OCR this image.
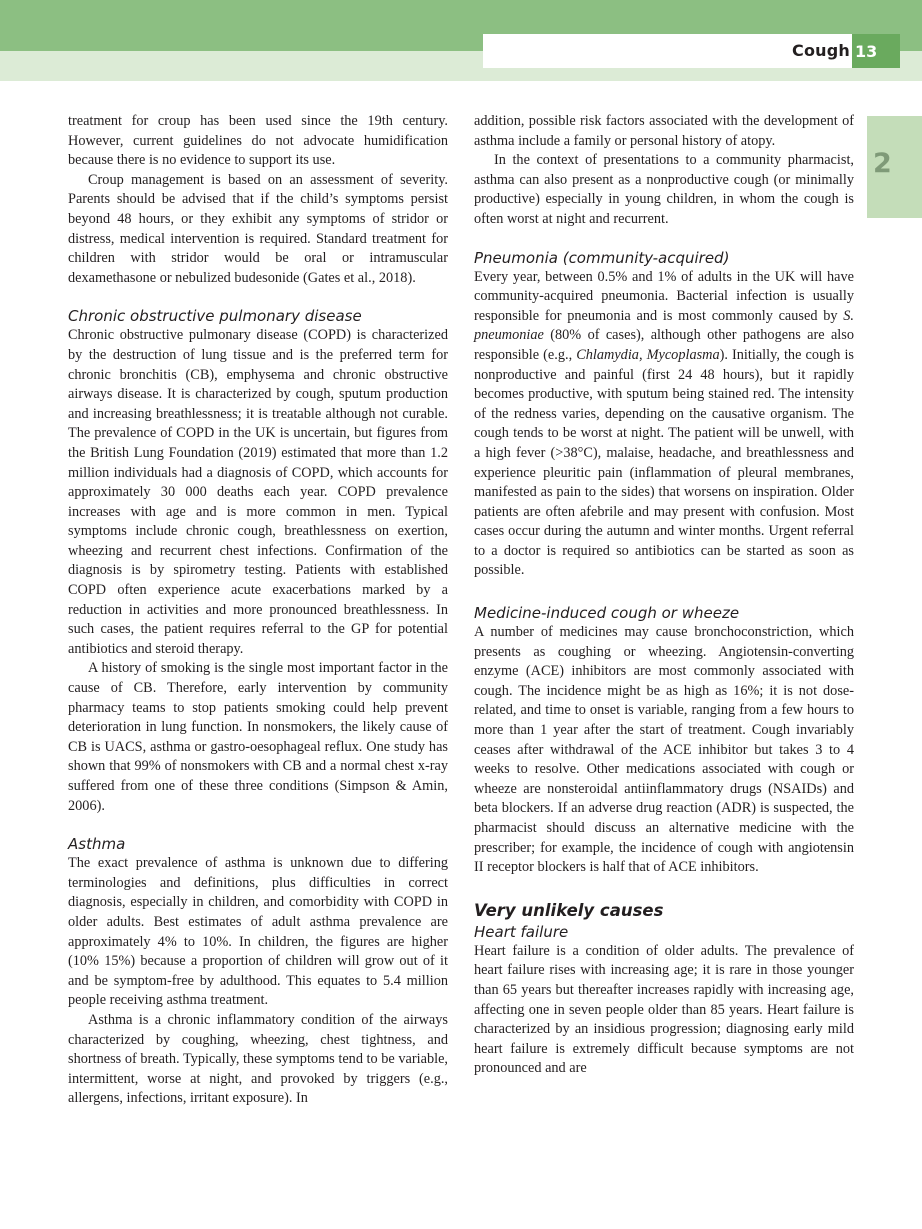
Cough 13
2

treatment for croup has been used since the 19th century. However, current guidelines do not advocate humidification because there is no evidence to support its use.

Croup management is based on an assessment of severity. Parents should be advised that if the child’s symptoms persist beyond 48 hours, or they exhibit any symptoms of stridor or distress, medical intervention is required. Standard treatment for children with stridor would be oral or intramuscular dexamethasone or nebulized budesonide (Gates et al., 2018).

Chronic obstructive pulmonary disease

Chronic obstructive pulmonary disease (COPD) is characterized by the destruction of lung tissue and is the preferred term for chronic bronchitis (CB), emphysema and chronic obstructive airways disease. It is characterized by cough, sputum production and increasing breathlessness; it is treatable although not curable. The prevalence of COPD in the UK is uncertain, but figures from the British Lung Foundation (2019) estimated that more than 1.2 million individuals had a diagnosis of COPD, which accounts for approximately 30 000 deaths each year. COPD prevalence increases with age and is more common in men. Typical symptoms include chronic cough, breathlessness on exertion, wheezing and recurrent chest infections. Confirmation of the diagnosis is by spirometry testing. Patients with established COPD often experience acute exacerbations marked by a reduction in activities and more pronounced breathlessness. In such cases, the patient requires referral to the GP for potential antibiotics and steroid therapy.

A history of smoking is the single most important factor in the cause of CB. Therefore, early intervention by community pharmacy teams to stop patients smoking could help prevent deterioration in lung function. In nonsmokers, the likely cause of CB is UACS, asthma or gastro-oesophageal reflux. One study has shown that 99% of nonsmokers with CB and a normal chest x-ray suffered from one of these three conditions (Simpson & Amin, 2006).

Asthma

The exact prevalence of asthma is unknown due to differing terminologies and definitions, plus difficulties in correct diagnosis, especially in children, and comorbidity with COPD in older adults. Best estimates of adult asthma prevalence are approximately 4% to 10%. In children, the figures are higher (10% 15%) because a proportion of children will grow out of it and be symptom-free by adulthood. This equates to 5.4 million people receiving asthma treatment.

Asthma is a chronic inflammatory condition of the airways characterized by coughing, wheezing, chest tightness, and shortness of breath. Typically, these symptoms tend to be variable, intermittent, worse at night, and provoked by triggers (e.g., allergens, infections, irritant exposure). In

addition, possible risk factors associated with the development of asthma include a family or personal history of atopy.

In the context of presentations to a community pharmacist, asthma can also present as a nonproductive cough (or minimally productive) especially in young children, in whom the cough is often worst at night and recurrent.

Pneumonia (community-acquired)

Every year, between 0.5% and 1% of adults in the UK will have community-acquired pneumonia. Bacterial infection is usually responsible for pneumonia and is most commonly caused by S. pneumoniae (80% of cases), although other pathogens are also responsible (e.g., Chlamydia, Mycoplasma). Initially, the cough is nonproductive and painful (first 24 48 hours), but it rapidly becomes productive, with sputum being stained red. The intensity of the redness varies, depending on the causative organism. The cough tends to be worst at night. The patient will be unwell, with a high fever (>38°C), malaise, headache, and breathlessness and experience pleuritic pain (inflammation of pleural membranes, manifested as pain to the sides) that worsens on inspiration. Older patients are often afebrile and may present with confusion. Most cases occur during the autumn and winter months. Urgent referral to a doctor is required so antibiotics can be started as soon as possible.

Medicine-induced cough or wheeze

A number of medicines may cause bronchoconstriction, which presents as coughing or wheezing. Angiotensin-converting enzyme (ACE) inhibitors are most commonly associated with cough. The incidence might be as high as 16%; it is not dose-related, and time to onset is variable, ranging from a few hours to more than 1 year after the start of treatment. Cough invariably ceases after withdrawal of the ACE inhibitor but takes 3 to 4 weeks to resolve. Other medications associated with cough or wheeze are nonsteroidal antiinflammatory drugs (NSAIDs) and beta blockers. If an adverse drug reaction (ADR) is suspected, the pharmacist should discuss an alternative medicine with the prescriber; for example, the incidence of cough with angiotensin II receptor blockers is half that of ACE inhibitors.

Very unlikely causes
Heart failure

Heart failure is a condition of older adults. The prevalence of heart failure rises with increasing age; it is rare in those younger than 65 years but thereafter increases rapidly with increasing age, affecting one in seven people older than 85 years. Heart failure is characterized by an insidious progression; diagnosing early mild heart failure is extremely difficult because symptoms are not pronounced and are
